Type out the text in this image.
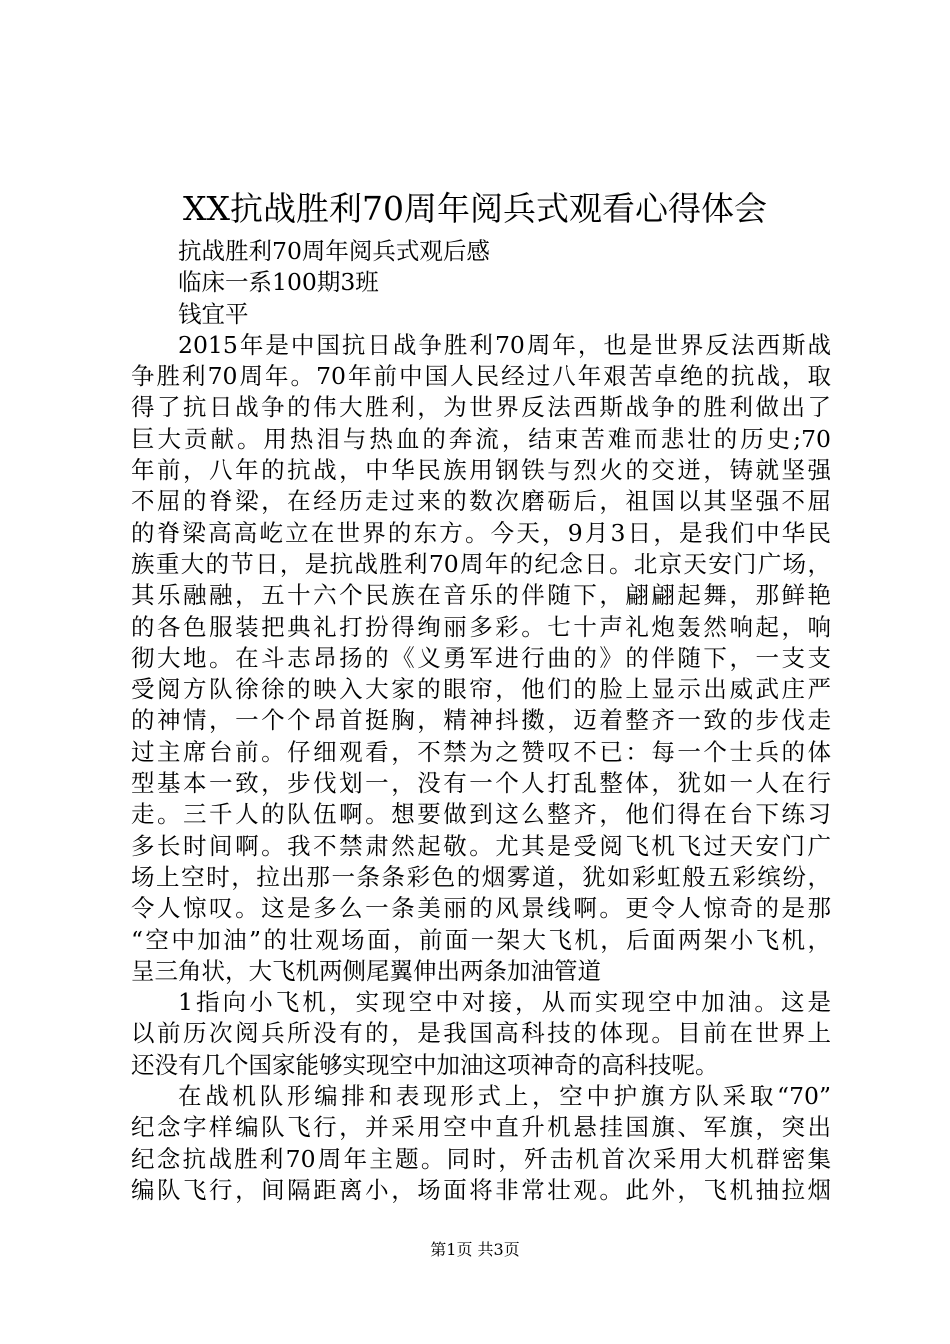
XX抗战胜利70周年阅兵式观看心得体会
抗战胜利70周年阅兵式观后感
临床一系100期3班
钱宜平
2015年是中国抗日战争胜利70周年，也是世界反法西斯战
争胜利70周年。70年前中国人民经过八年艰苦卓绝的抗战，取
得了抗日战争的伟大胜利，为世界反法西斯战争的胜利做出了
巨大贡献。用热泪与热血的奔流，结束苦难而悲壮的历史;70
年前，八年的抗战，中华民族用钢铁与烈火的交迸，铸就坚强
不屈的脊梁，在经历走过来的数次磨砺后，祖国以其坚强不屈
的脊梁高高屹立在世界的东方。今天，9月3日，是我们中华民
族重大的节日，是抗战胜利70周年的纪念日。北京天安门广场，
其乐融融，五十六个民族在音乐的伴随下，翩翩起舞，那鲜艳
的各色服装把典礼打扮得绚丽多彩。七十声礼炮轰然响起，响
彻大地。在斗志昂扬的《义勇军进行曲的》的伴随下，一支支
受阅方队徐徐的映入大家的眼帘，他们的脸上显示出威武庄严
的神情，一个个昂首挺胸，精神抖擞，迈着整齐一致的步伐走
过主席台前。仔细观看，不禁为之赞叹不已：每一个士兵的体
型基本一致，步伐划一，没有一个人打乱整体，犹如一人在行
走。三千人的队伍啊。想要做到这么整齐，他们得在台下练习
多长时间啊。我不禁肃然起敬。尤其是受阅飞机飞过天安门广
场上空时，拉出那一条条彩色的烟雾道，犹如彩虹般五彩缤纷，
令人惊叹。这是多么一条美丽的风景线啊。更令人惊奇的是那
“空中加油”的壮观场面，前面一架大飞机，后面两架小飞机，
呈三角状，大飞机两侧尾翼伸出两条加油管道
1指向小飞机，实现空中对接，从而实现空中加油。这是
以前历次阅兵所没有的，是我国高科技的体现。目前在世界上
还没有几个国家能够实现空中加油这项神奇的高科技呢。
在战机队形编排和表现形式上，空中护旗方队采取“70”
纪念字样编队飞行，并采用空中直升机悬挂国旗、军旗，突出
纪念抗战胜利70周年主题。同时，歼击机首次采用大机群密集
编队飞行，间隔距离小，场面将非常壮观。此外，飞机抽拉烟
第1页 共3页
